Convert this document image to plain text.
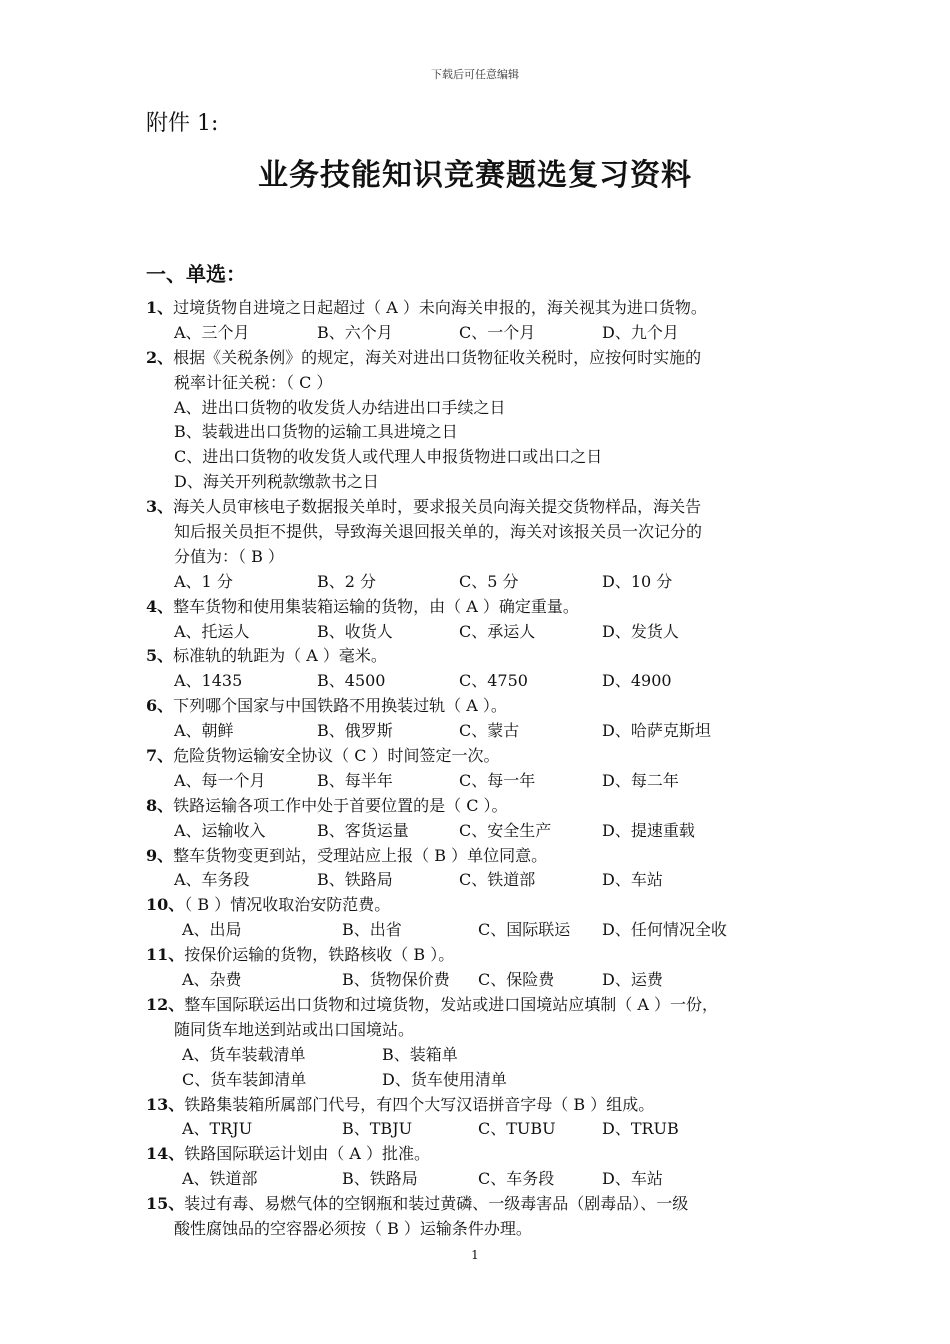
下载后可任意编辑
附件 1:
业务技能知识竞赛题选复习资料
一、单选：
1、过境货物自进境之日起超过（ A ）未向海关申报的，海关视其为进口货物。
A、三个月	B、六个月	C、一个月	D、九个月
2、根据《关税条例》的规定，海关对进出口货物征收关税时，应按何时实施的
税率计征关税：（ C ）
A、进出口货物的收发货人办结进出口手续之日
B、装载进出口货物的运输工具进境之日
C、进出口货物的收发货人或代理人申报货物进口或出口之日
D、海关开列税款缴款书之日
3、海关人员审核电子数据报关单时，要求报关员向海关提交货物样品，海关告
知后报关员拒不提供，导致海关退回报关单的，海关对该报关员一次记分的
分值为：（ B ）
A、1 分	B、2 分	C、5 分	D、10 分
4、整车货物和使用集装箱运输的货物，由（ A ）确定重量。
A、托运人	B、收货人	C、承运人	D、发货人
5、标准轨的轨距为（ A ）毫米。
A、1435	B、4500	C、4750	D、4900
6、下列哪个国家与中国铁路不用换装过轨（ A ）。
A、朝鲜	B、俄罗斯	C、蒙古	D、哈萨克斯坦
7、危险货物运输安全协议（ C ）时间签定一次。
A、每一个月	B、每半年	C、每一年	D、每二年
8、铁路运输各项工作中处于首要位置的是（ C ）。
A、运输收入	B、客货运量	C、安全生产	D、提速重载
9、整车货物变更到站，受理站应上报（ B ）单位同意。
A、车务段	B、铁路局	C、铁道部	D、车站
10、（ B ）情况收取治安防范费。
A、出局	B、出省	C、国际联运 D、任何情况全收
11、按保价运输的货物，铁路核收（ B ）。
A、杂费	B、货物保价费 C、保险费	D、运费
12、整车国际联运出口货物和过境货物，发站或进口国境站应填制（ A ）一份，
随同货车地送到站或出口国境站。
A、货车装载清单	B、装箱单
C、货车装卸清单	D、货车使用清单
13、铁路集装箱所属部门代号，有四个大写汉语拼音字母（ B ）组成。
A、TRJU	B、TBJU	C、TUBU	D、TRUB
14、铁路国际联运计划由（ A ）批准。
A、铁道部	B、铁路局	C、车务段	D、车站
15、装过有毒、易燃气体的空钢瓶和装过黄磷、一级毒害品（剧毒品）、一级
酸性腐蚀品的空容器必须按（ B ）运输条件办理。
1
